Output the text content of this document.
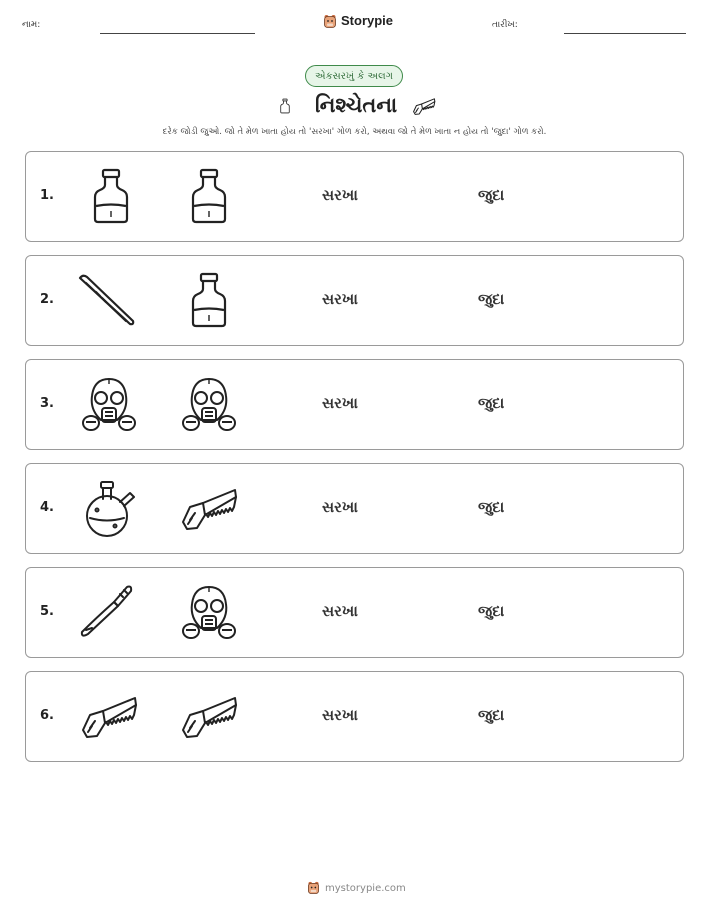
નામ:	Storypie	તારીખ:
એકસરખું કે અલગ
નિશ્ચેતના
દરેક જોડી જુઓ. જો તે મેળ ખાતા હોય તો 'સરખા' ગોળ કરો, અથવા જો તે મેળ ખાતા ન હોય તો 'જુદા' ગોળ કરો.
1.	સરખા	જુદા
2.	સરખા	જુદા
3.	સરખા	જુદા
4.	સરખા	જુદા
5.	સરખા	જુદા
6.	સરખા	જુદા
mystorypie.com
